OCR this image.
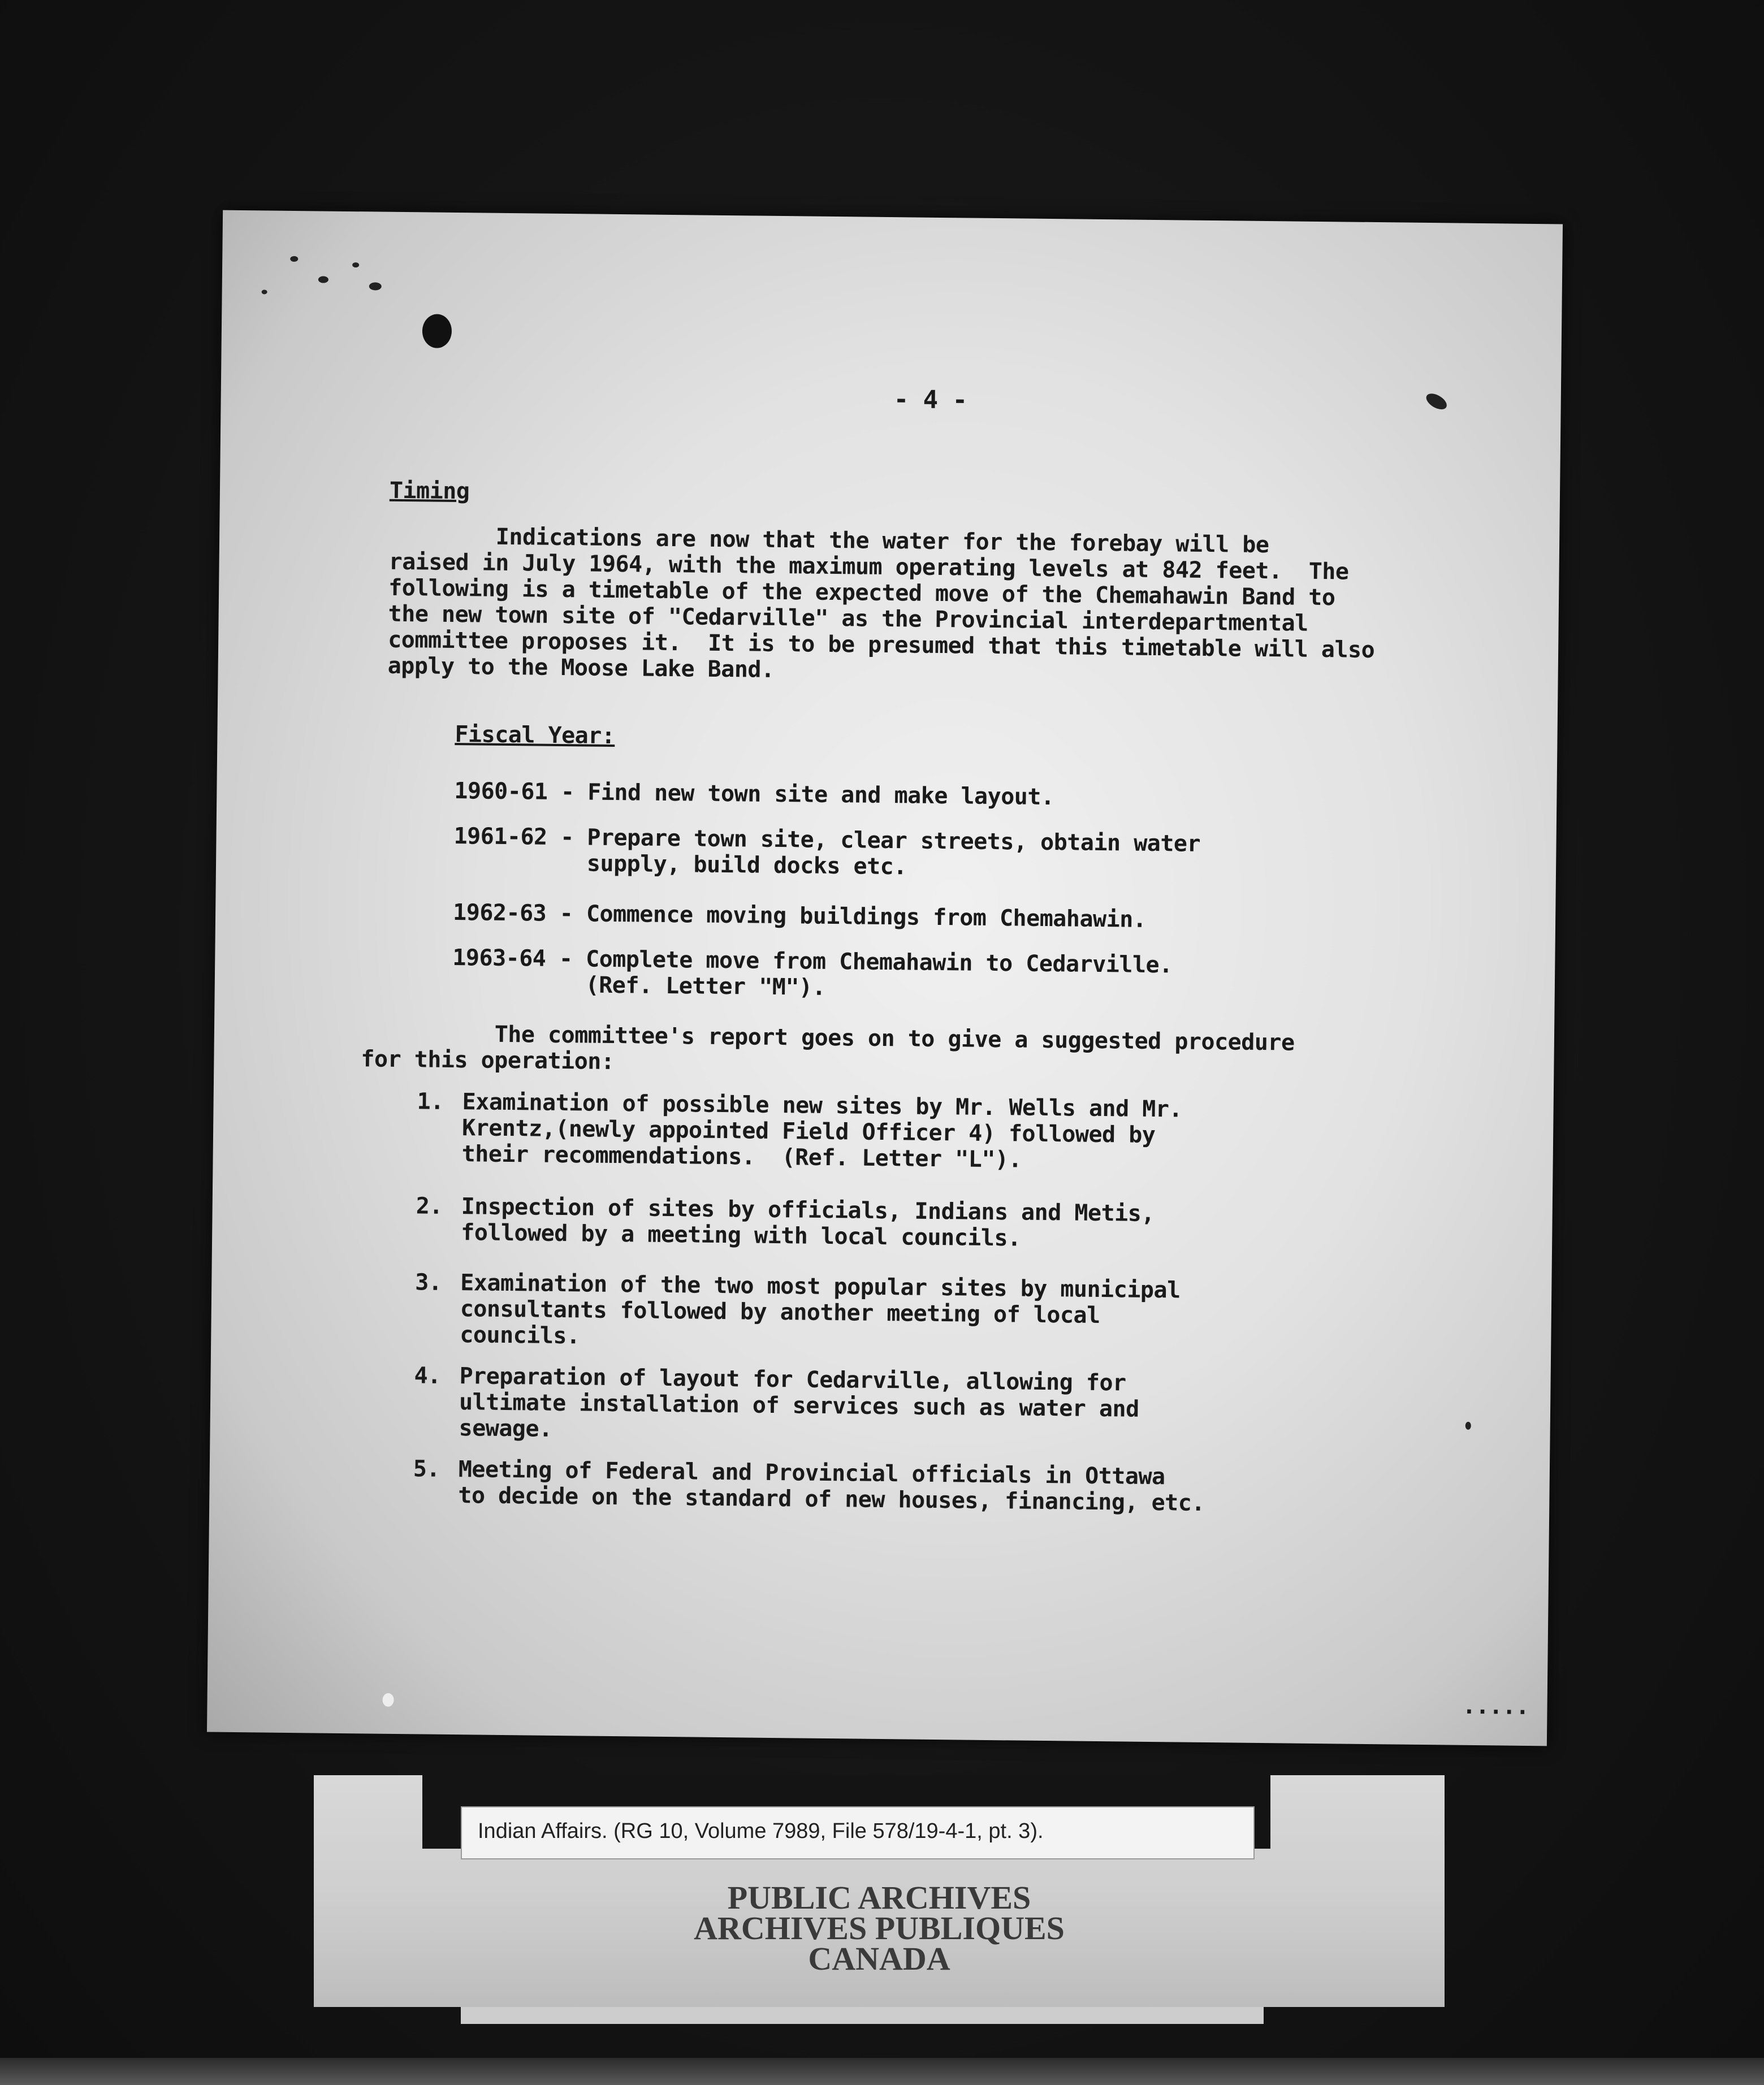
- 4 -
Timing
Indications are now that the water for the forebay will be
raised in July 1964, with the maximum operating levels at 842 feet.  The
following is a timetable of the expected move of the Chemahawin Band to
the new town site of "Cedarville" as the Provincial interdepartmental
committee proposes it.  It is to be presumed that this timetable will also
apply to the Moose Lake Band.
Fiscal Year:
1960-61 - Find new town site and make layout.
1961-62 - Prepare town site, clear streets, obtain water
supply, build docks etc.
1962-63 - Commence moving buildings from Chemahawin.
1963-64 - Complete move from Chemahawin to Cedarville.
(Ref. Letter "M").
The committee's report goes on to give a suggested procedure
for this operation:
1. Examination of possible new sites by Mr. Wells and Mr.
Krentz,(newly appointed Field Officer 4) followed by
their recommendations.  (Ref. Letter "L").
2. Inspection of sites by officials, Indians and Metis,
followed by a meeting with local councils.
3. Examination of the two most popular sites by municipal
consultants followed by another meeting of local
councils.
4. Preparation of layout for Cedarville, allowing for
ultimate installation of services such as water and
sewage.
5. Meeting of Federal and Provincial officials in Ottawa
to decide on the standard of new houses, financing, etc.
.....
Indian Affairs. (RG 10, Volume 7989, File 578/19-4-1, pt. 3).
PUBLIC ARCHIVES
ARCHIVES PUBLIQUES
CANADA
